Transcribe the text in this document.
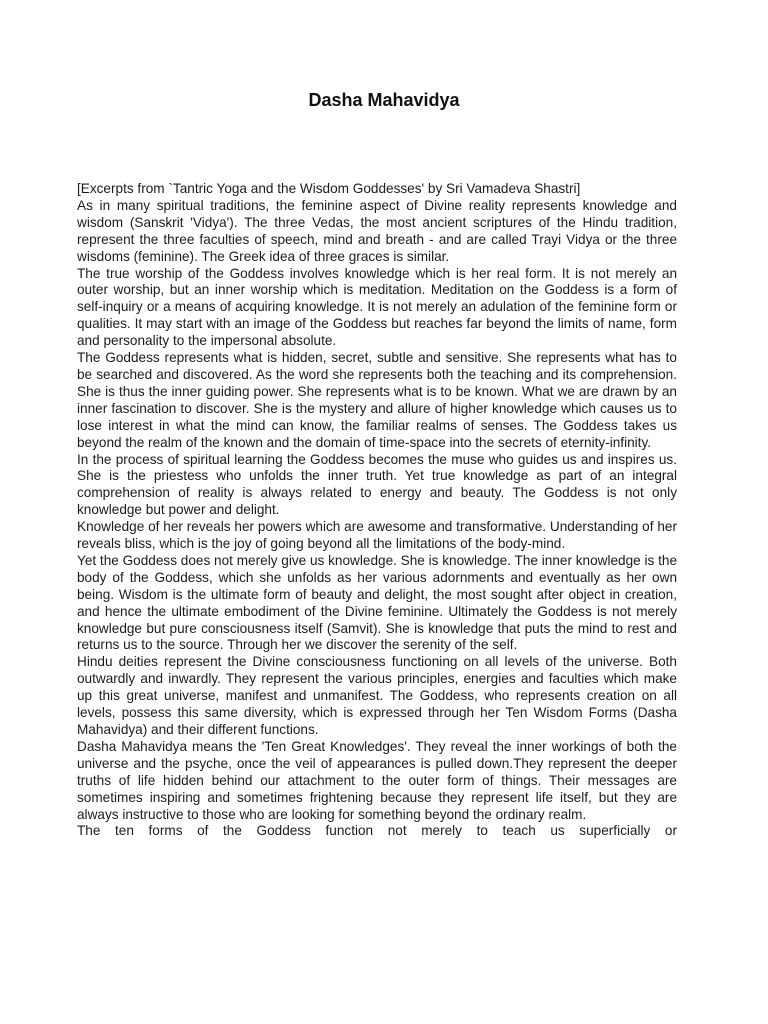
Dasha Mahavidya

[Excerpts from `Tantric Yoga and the Wisdom Goddesses' by Sri Vamadeva Shastri]

As in many spiritual traditions, the feminine aspect of Divine reality represents knowledge and wisdom (Sanskrit 'Vidya'). The three Vedas, the most ancient scriptures of the Hindu tradition, represent the three faculties of speech, mind and breath - and are called Trayi Vidya or the three wisdoms (feminine). The Greek idea of three graces is similar.

The true worship of the Goddess involves knowledge which is her real form. It is not merely an outer worship, but an inner worship which is meditation. Meditation on the Goddess is a form of self-inquiry or a means of acquiring knowledge. It is not merely an adulation of the feminine form or qualities. It may start with an image of the Goddess but reaches far beyond the limits of name, form and personality to the impersonal absolute.

The Goddess represents what is hidden, secret, subtle and sensitive. She represents what has to be searched and discovered. As the word she represents both the teaching and its comprehension. She is thus the inner guiding power. She represents what is to be known. What we are drawn by an inner fascination to discover. She is the mystery and allure of higher knowledge which causes us to lose interest in what the mind can know, the familiar realms of senses. The Goddess takes us beyond the realm of the known and the domain of time-space into the secrets of eternity-infinity.

In the process of spiritual learning the Goddess becomes the muse who guides us and inspires us. She is the priestess who unfolds the inner truth. Yet true knowledge as part of an integral comprehension of reality is always related to energy and beauty. The Goddess is not only knowledge but power and delight.

Knowledge of her reveals her powers which are awesome and transformative. Understanding of her reveals bliss, which is the joy of going beyond all the limitations of the body-mind.

Yet the Goddess does not merely give us knowledge. She is knowledge. The inner knowledge is the body of the Goddess, which she unfolds as her various adornments and eventually as her own being. Wisdom is the ultimate form of beauty and delight, the most sought after object in creation, and hence the ultimate embodiment of the Divine feminine. Ultimately the Goddess is not merely knowledge but pure consciousness itself (Samvit). She is knowledge that puts the mind to rest and returns us to the source. Through her we discover the serenity of the self.

Hindu deities represent the Divine consciousness functioning on all levels of the universe. Both outwardly and inwardly. They represent the various principles, energies and faculties which make up this great universe, manifest and unmanifest. The Goddess, who represents creation on all levels, possess this same diversity, which is expressed through her Ten Wisdom Forms (Dasha Mahavidya) and their different functions.

Dasha Mahavidya means the 'Ten Great Knowledges'. They reveal the inner workings of both the universe and the psyche, once the veil of appearances is pulled down.They represent the deeper truths of life hidden behind our attachment to the outer form of things. Their messages are sometimes inspiring and sometimes frightening because they represent life itself, but they are always instructive to those who are looking for something beyond the ordinary realm.

The ten forms of the Goddess function not merely to teach us superficially or
